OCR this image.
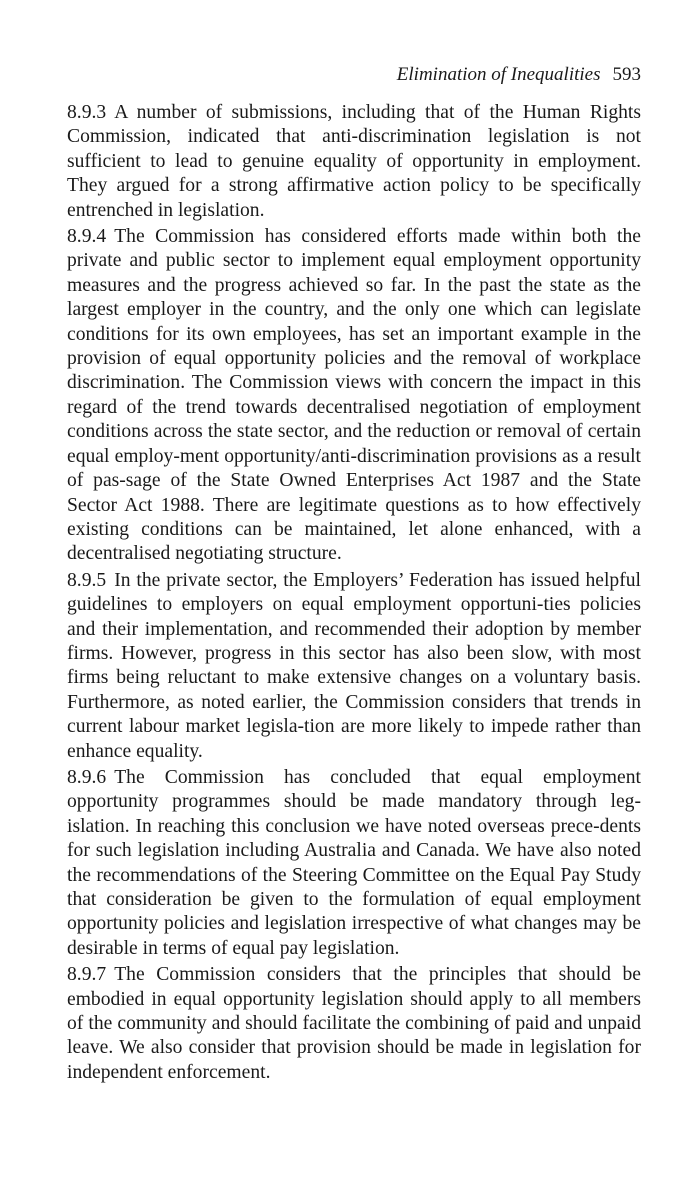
Elimination of Inequalities 593

8.9.3 A number of submissions, including that of the Human Rights Commission, indicated that anti-discrimination legislation is not sufficient to lead to genuine equality of opportunity in employment. They argued for a strong affirmative action policy to be specifically entrenched in legislation.

8.9.4 The Commission has considered efforts made within both the private and public sector to implement equal employment opportunity measures and the progress achieved so far. In the past the state as the largest employer in the country, and the only one which can legislate conditions for its own employees, has set an important example in the provision of equal opportunity policies and the removal of workplace discrimination. The Commission views with concern the impact in this regard of the trend towards decentralised negotiation of employment conditions across the state sector, and the reduction or removal of certain equal employ-ment opportunity/anti-discrimination provisions as a result of pas-sage of the State Owned Enterprises Act 1987 and the State Sector Act 1988. There are legitimate questions as to how effectively existing conditions can be maintained, let alone enhanced, with a decentralised negotiating structure.

8.9.5 In the private sector, the Employers’ Federation has issued helpful guidelines to employers on equal employment opportuni-ties policies and their implementation, and recommended their adoption by member firms. However, progress in this sector has also been slow, with most firms being reluctant to make extensive changes on a voluntary basis. Furthermore, as noted earlier, the Commission considers that trends in current labour market legisla-tion are more likely to impede rather than enhance equality.

8.9.6 The Commission has concluded that equal employment opportunity programmes should be made mandatory through leg-islation. In reaching this conclusion we have noted overseas prece-dents for such legislation including Australia and Canada. We have also noted the recommendations of the Steering Committee on the Equal Pay Study that consideration be given to the formulation of equal employment opportunity policies and legislation irrespective of what changes may be desirable in terms of equal pay legislation.

8.9.7 The Commission considers that the principles that should be embodied in equal opportunity legislation should apply to all members of the community and should facilitate the combining of paid and unpaid leave. We also consider that provision should be made in legislation for independent enforcement.
